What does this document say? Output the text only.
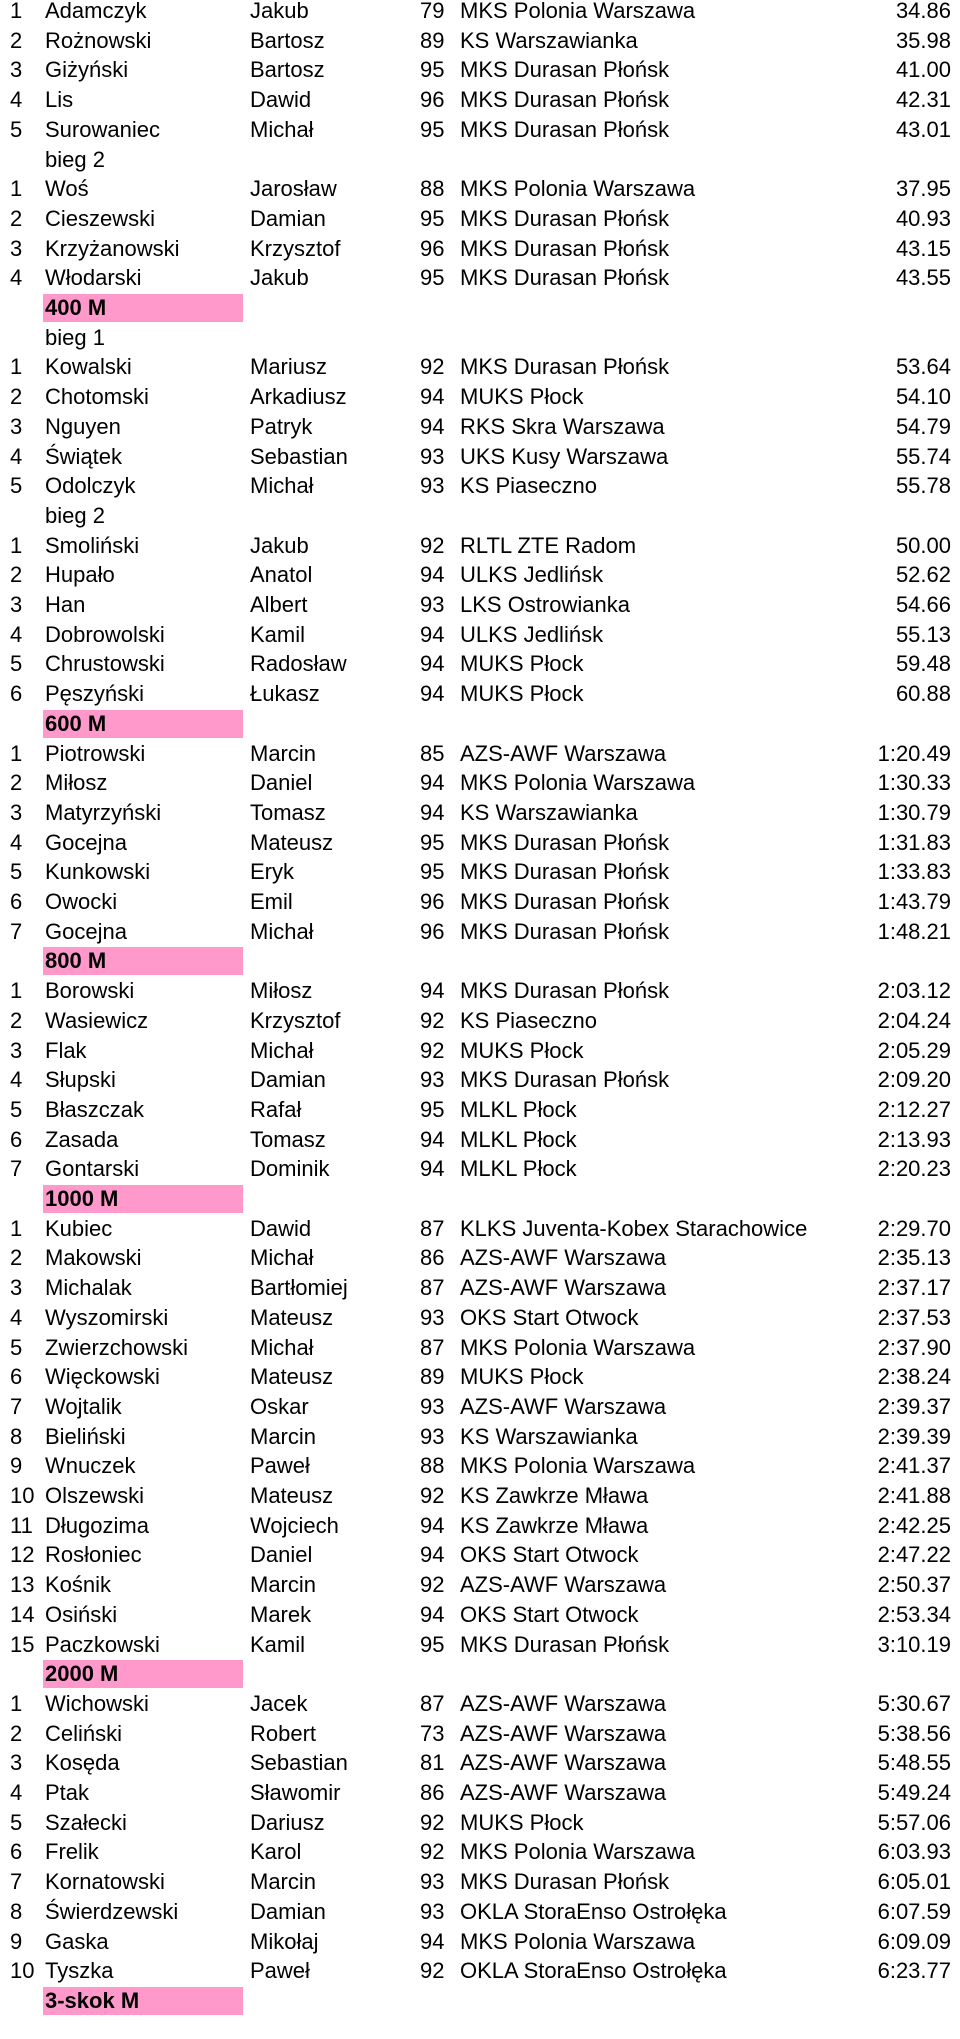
1 Adamczyk	Jakub	79 MKS Polonia Warszawa	34.86
2 Rożnowski	Bartosz	89 KS Warszawianka	35.98
3 Giżyński	Bartosz	95 MKS Durasan Płońsk	41.00
4 Lis	Dawid	96 MKS Durasan Płońsk	42.31
5 Surowaniec	Michał	95 MKS Durasan Płońsk	43.01
bieg 2
1 Woś	Jarosław	88 MKS Polonia Warszawa	37.95
2 Cieszewski	Damian	95 MKS Durasan Płońsk	40.93
3 Krzyżanowski	Krzysztof	96 MKS Durasan Płońsk	43.15
4 Włodarski	Jakub	95 MKS Durasan Płońsk	43.55
400 M
bieg 1
1 Kowalski	Mariusz	92 MKS Durasan Płońsk	53.64
2 Chotomski	Arkadiusz	94 MUKS Płock	54.10
3 Nguyen	Patryk	94 RKS Skra Warszawa	54.79
4 Świątek	Sebastian	93 UKS Kusy Warszawa	55.74
5 Odolczyk	Michał	93 KS Piaseczno	55.78
bieg 2
1 Smoliński	Jakub	92 RLTL ZTE Radom	50.00
2 Hupało	Anatol	94 ULKS Jedlińsk	52.62
3 Han	Albert	93 LKS Ostrowianka	54.66
4 Dobrowolski	Kamil	94 ULKS Jedlińsk	55.13
5 Chrustowski	Radosław	94 MUKS Płock	59.48
6 Pęszyński	Łukasz	94 MUKS Płock	60.88
600 M
1 Piotrowski	Marcin	85 AZS-AWF Warszawa	1:20.49
2 Miłosz	Daniel	94 MKS Polonia Warszawa	1:30.33
3 Matyrzyński	Tomasz	94 KS Warszawianka	1:30.79
4 Gocejna	Mateusz	95 MKS Durasan Płońsk	1:31.83
5 Kunkowski	Eryk	95 MKS Durasan Płońsk	1:33.83
6 Owocki	Emil	96 MKS Durasan Płońsk	1:43.79
7 Gocejna	Michał	96 MKS Durasan Płońsk	1:48.21
800 M
1 Borowski	Miłosz	94 MKS Durasan Płońsk	2:03.12
2 Wasiewicz	Krzysztof	92 KS Piaseczno	2:04.24
3 Flak	Michał	92 MUKS Płock	2:05.29
4 Słupski	Damian	93 MKS Durasan Płońsk	2:09.20
5 Błaszczak	Rafał	95 MLKL Płock	2:12.27
6 Zasada	Tomasz	94 MLKL Płock	2:13.93
7 Gontarski	Dominik	94 MLKL Płock	2:20.23
1000 M
1 Kubiec	Dawid	87 KLKS Juventa-Kobex Starachowice	2:29.70
2 Makowski	Michał	86 AZS-AWF Warszawa	2:35.13
3 Michalak	Bartłomiej	87 AZS-AWF Warszawa	2:37.17
4 Wyszomirski	Mateusz	93 OKS Start Otwock	2:37.53
5 Zwierzchowski	Michał	87 MKS Polonia Warszawa	2:37.90
6 Więckowski	Mateusz	89 MUKS Płock	2:38.24
7 Wojtalik	Oskar	93 AZS-AWF Warszawa	2:39.37
8 Bieliński	Marcin	93 KS Warszawianka	2:39.39
9 Wnuczek	Paweł	88 MKS Polonia Warszawa	2:41.37
10 Olszewski	Mateusz	92 KS Zawkrze Mława	2:41.88
11 Długozima	Wojciech	94 KS Zawkrze Mława	2:42.25
12 Rosłoniec	Daniel	94 OKS Start Otwock	2:47.22
13 Kośnik	Marcin	92 AZS-AWF Warszawa	2:50.37
14 Osiński	Marek	94 OKS Start Otwock	2:53.34
15 Paczkowski	Kamil	95 MKS Durasan Płońsk	3:10.19
2000 M
1 Wichowski	Jacek	87 AZS-AWF Warszawa	5:30.67
2 Celiński	Robert	73 AZS-AWF Warszawa	5:38.56
3 Kosęda	Sebastian	81 AZS-AWF Warszawa	5:48.55
4 Ptak	Sławomir	86 AZS-AWF Warszawa	5:49.24
5 Szałecki	Dariusz	92 MUKS Płock	5:57.06
6 Frelik	Karol	92 MKS Polonia Warszawa	6:03.93
7 Kornatowski	Marcin	93 MKS Durasan Płońsk	6:05.01
8 Świerdzewski	Damian	93 OKLA StoraEnso Ostrołęka	6:07.59
9 Gaska	Mikołaj	94 MKS Polonia Warszawa	6:09.09
10 Tyszka	Paweł	92 OKLA StoraEnso Ostrołęka	6:23.77
3-skok M
